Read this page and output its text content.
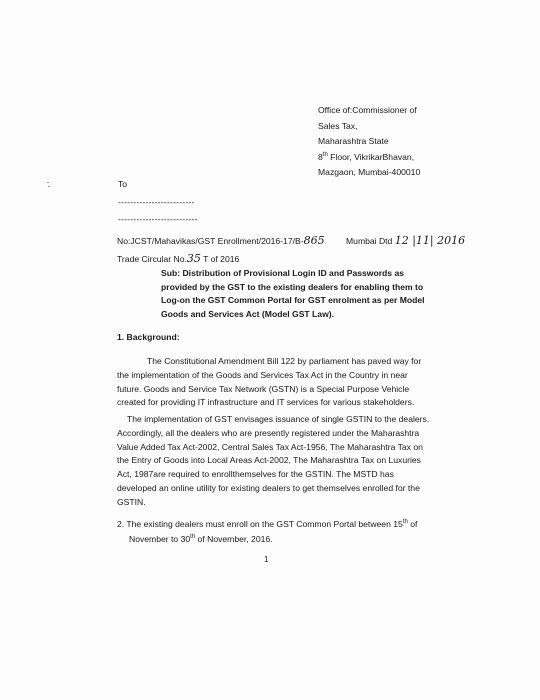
Office of:Commissioner of
Sales Tax,
Maharashtra State
8th Floor, VikrikarBhavan,
Mazgaon, Mumbai-400010
To
-------------------------
--------------------------
No:JCST/Mahavikas/GST Enrollment/2016-17/B-865 Mumbai Dtd 12 |11| 2016
Trade Circular No.35 T of 2016
Sub: Distribution of Provisional Login ID and Passwords as provided by the GST to the existing dealers for enabling them to Log-on the GST Common Portal for GST enrolment as per Model Goods and Services Act (Model GST Law).
1. Background:
The Constitutional Amendment Bill 122 by parliament has paved way for
the implementation of the Goods and Services Tax Act in the Country in near
future. Goods and Service Tax Network (GSTN) is a Special Purpose Vehicle
created for providing IT infrastructure and IT services for various stakeholders.
The implementation of GST envisages issuance of single GSTIN to the dealers.
Accordingly, all the dealers who are presently registered under the Maharashtra
Value Added Tax Act-2002, Central Sales Tax Act-1956, The Maharashtra Tax on
the Entry of Goods into Local Areas Act-2002, The Maharashtra Tax on Luxuries
Act, 1987are required to enrollthemselves for the GSTIN. The MSTD has
developed an online utility for existing dealers to get themselves enrolled for the
GSTIN.
2. The existing dealers must enroll on the GST Common Portal between 15th of
November to 30th of November, 2016.
1
